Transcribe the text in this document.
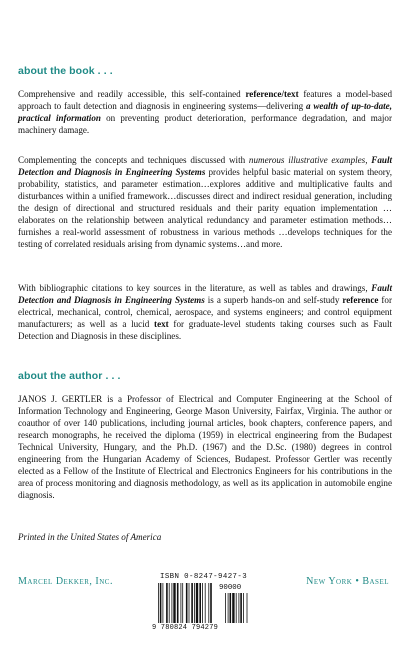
about the book . . .

Comprehensive and readily accessible, this self-contained reference/text features a model-based approach to fault detection and diagnosis in engineering systems—delivering a wealth of up-to-date, practical information on preventing product deterioration, performance degradation, and major machinery damage.

Complementing the concepts and techniques discussed with numerous illustrative examples, Fault Detection and Diagnosis in Engineering Systems provides helpful basic material on system theory, probability, statistics, and parameter estimation…explores additive and multiplicative faults and disturbances within a unified framework…discusses direct and indirect residual generation, including the design of directional and structured residuals and their parity equation implementation …elaborates on the relationship between analytical redundancy and parameter estimation methods…furnishes a real-world assessment of robustness in various methods …develops techniques for the testing of correlated residuals arising from dynamic systems…and more.

With bibliographic citations to key sources in the literature, as well as tables and drawings, Fault Detection and Diagnosis in Engineering Systems is a superb hands-on and self-study reference for electrical, mechanical, control, chemical, aerospace, and systems engineers; and control equipment manufacturers; as well as a lucid text for graduate-level students taking courses such as Fault Detection and Diagnosis in these disciplines.

about the author . . .

JANOS J. GERTLER is a Professor of Electrical and Computer Engineering at the School of Information Technology and Engineering, George Mason University, Fairfax, Virginia. The author or coauthor of over 140 publications, including journal articles, book chapters, conference papers, and research monographs, he received the diploma (1959) in electrical engineering from the Budapest Technical University, Hungary, and the Ph.D. (1967) and the D.Sc. (1980) degrees in control engineering from the Hungarian Academy of Sciences, Budapest. Professor Gertler was recently elected as a Fellow of the Institute of Electrical and Electronics Engineers for his contributions in the area of process monitoring and diagnosis methodology, as well as its application in automobile engine diagnosis.

Printed in the United States of America

Marcel Dekker, Inc.	New York • Basel

ISBN 0-8247-9427-3

90000

9 780824 794279
